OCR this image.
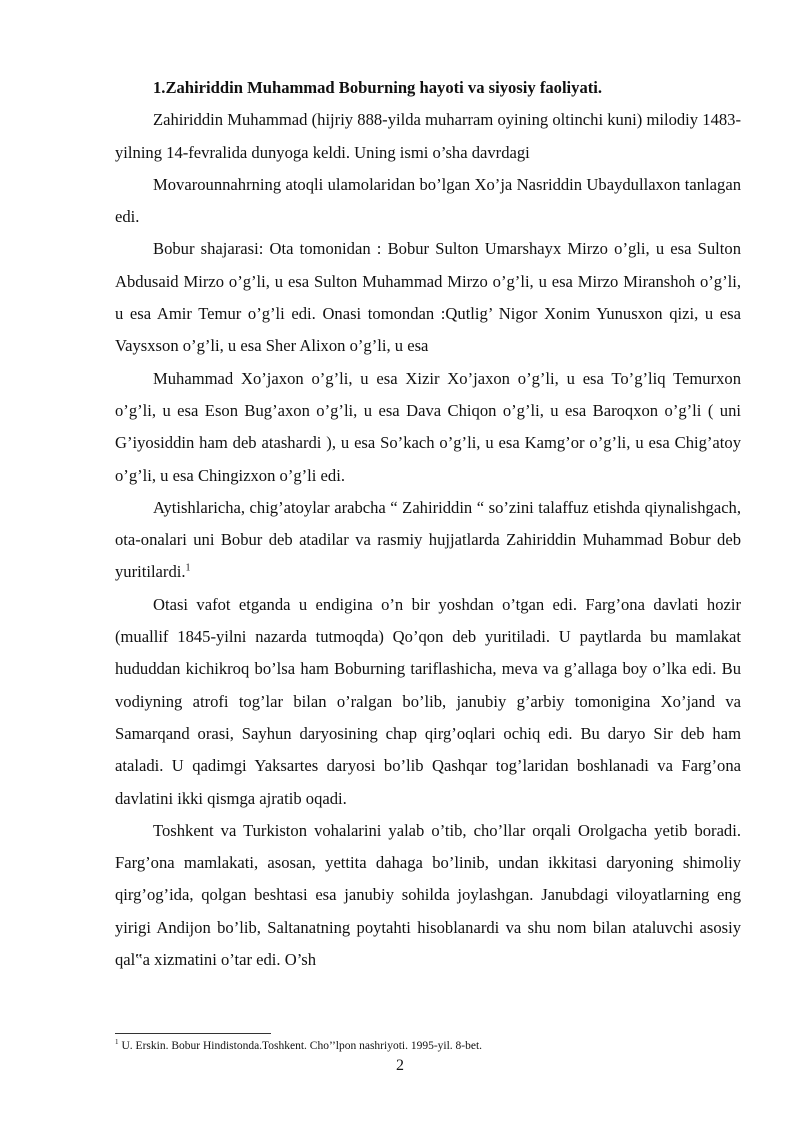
1.Zahiriddin Muhammad Boburning hayoti va siyosiy faoliyati.

Zahiriddin Muhammad (hijriy 888-yilda muharram oyining oltinchi kuni) milodiy 1483-yilning 14-fevralida dunyoga keldi. Uning ismi o’sha davrdagi

Movarounnahrning atoqli ulamolaridan bo’lgan Xo’ja Nasriddin Ubaydullaxon tanlagan edi.

Bobur shajarasi: Ota tomonidan : Bobur Sulton Umarshayx Mirzo o’gli, u esa Sulton Abdusaid Mirzo o’g’li, u esa Sulton Muhammad Mirzo o’g’li, u esa Mirzo Miranshoh o’g’li, u esa Amir Temur o’g’li edi. Onasi tomondan :Qutlig’ Nigor Xonim Yunusxon qizi, u esa Vaysxson o’g’li, u esa Sher Alixon o’g’li, u esa

Muhammad Xo’jaxon o’g’li, u esa Xizir Xo’jaxon o’g’li, u esa To’g’liq Temurxon o’g’li, u esa Eson Bug’axon o’g’li, u esa Dava Chiqon o’g’li, u esa Baroqxon o’g’li ( uni G’iyosiddin ham deb atashardi ), u esa So’kach o’g’li, u esa Kamg’or o’g’li, u esa Chig’atoy o’g’li, u esa Chingizxon o’g’li edi.

Aytishlaricha, chig’atoylar arabcha “ Zahiriddin “ so’zini talaffuz etishda qiynalishgach, ota-onalari uni Bobur deb atadilar va rasmiy hujjatlarda Zahiriddin Muhammad Bobur deb yuritilardi.$^1$

Otasi vafot etganda u endigina o’n bir yoshdan o’tgan edi. Farg’ona davlati hozir (muallif 1845-yilni nazarda tutmoqda) Qo’qon deb yuritiladi. U paytlarda bu mamlakat hududdan kichikroq bo’lsa ham Boburning tariflashicha, meva va g’allaga boy o’lka edi. Bu vodiyning atrofi tog’lar bilan o’ralgan bo’lib, janubiy g’arbiy tomonigina Xo’jand va Samarqand orasi, Sayhun daryosining chap qirg’oqlari ochiq edi. Bu daryo Sir deb ham ataladi. U qadimgi Yaksartes daryosi bo’lib Qashqar tog’laridan boshlanadi va Farg’ona davlatini ikki qismga ajratib oqadi.

Toshkent va Turkiston vohalarini yalab o’tib, cho’llar orqali Orolgacha yetib boradi. Farg’ona mamlakati, asosan, yettita dahaga bo’linib, undan ikkitasi daryoning shimoliy qirg’og’ida, qolgan beshtasi esa janubiy sohilda joylashgan. Janubdagi viloyatlarning eng yirigi Andijon bo’lib, Saltanatning poytahti hisoblanardi va shu nom bilan ataluvchi asosiy qal‟a xizmatini o’tar edi. O’sh

$^1$ U. Erskin. Bobur Hindistonda.Toshkent. Cho’’lpon nashriyoti. 1995-yil. 8-bet.
2
